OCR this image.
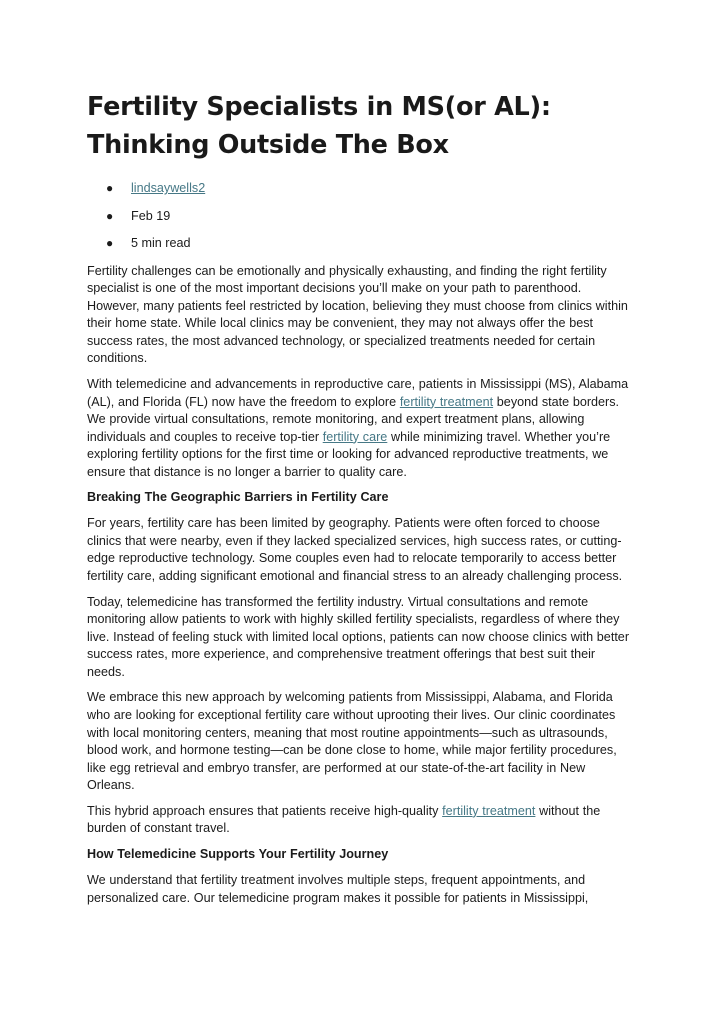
Fertility Specialists in MS(or AL): Thinking Outside The Box
● lindsaywells2
● Feb 19
● 5 min read

Fertility challenges can be emotionally and physically exhausting, and finding the right fertility specialist is one of the most important decisions you’ll make on your path to parenthood. However, many patients feel restricted by location, believing they must choose from clinics within their home state. While local clinics may be convenient, they may not always offer the best success rates, the most advanced technology, or specialized treatments needed for certain conditions.

With telemedicine and advancements in reproductive care, patients in Mississippi (MS), Alabama (AL), and Florida (FL) now have the freedom to explore fertility treatment beyond state borders. We provide virtual consultations, remote monitoring, and expert treatment plans, allowing individuals and couples to receive top-tier fertility care while minimizing travel. Whether you’re exploring fertility options for the first time or looking for advanced reproductive treatments, we ensure that distance is no longer a barrier to quality care.

Breaking The Geographic Barriers in Fertility Care

For years, fertility care has been limited by geography. Patients were often forced to choose clinics that were nearby, even if they lacked specialized services, high success rates, or cutting-edge reproductive technology. Some couples even had to relocate temporarily to access better fertility care, adding significant emotional and financial stress to an already challenging process.

Today, telemedicine has transformed the fertility industry. Virtual consultations and remote monitoring allow patients to work with highly skilled fertility specialists, regardless of where they live. Instead of feeling stuck with limited local options, patients can now choose clinics with better success rates, more experience, and comprehensive treatment offerings that best suit their needs.

We embrace this new approach by welcoming patients from Mississippi, Alabama, and Florida who are looking for exceptional fertility care without uprooting their lives. Our clinic coordinates with local monitoring centers, meaning that most routine appointments—such as ultrasounds, blood work, and hormone testing—can be done close to home, while major fertility procedures, like egg retrieval and embryo transfer, are performed at our state-of-the-art facility in New Orleans.

This hybrid approach ensures that patients receive high-quality fertility treatment without the burden of constant travel.

How Telemedicine Supports Your Fertility Journey

We understand that fertility treatment involves multiple steps, frequent appointments, and personalized care. Our telemedicine program makes it possible for patients in Mississippi,
